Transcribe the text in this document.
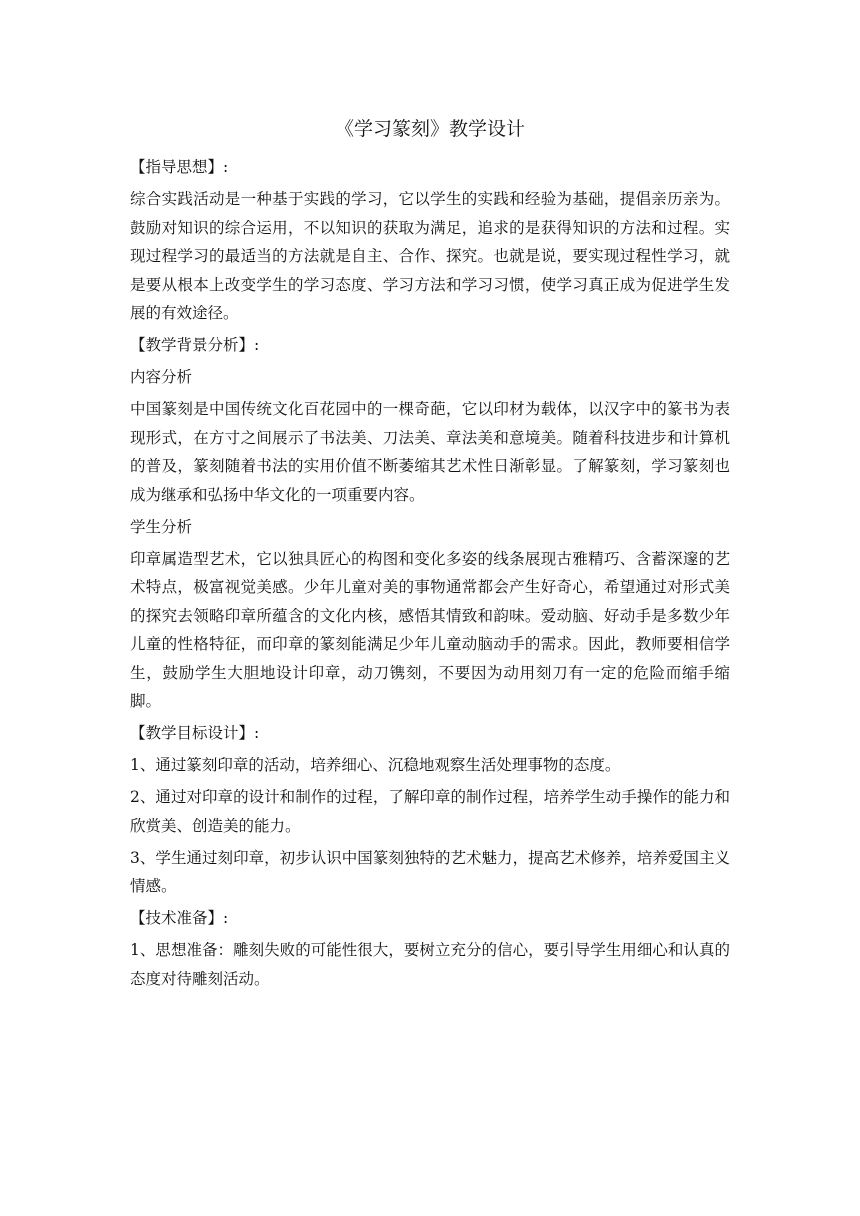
《学习篆刻》教学设计

【指导思想】:

综合实践活动是一种基于实践的学习，它以学生的实践和经验为基础，提倡亲历亲为。鼓励对知识的综合运用，不以知识的获取为满足，追求的是获得知识的方法和过程。实现过程学习的最适当的方法就是自主、合作、探究。也就是说，要实现过程性学习，就是要从根本上改变学生的学习态度、学习方法和学习习惯，使学习真正成为促进学生发展的有效途径。

【教学背景分析】:

内容分析

中国篆刻是中国传统文化百花园中的一棵奇葩，它以印材为载体，以汉字中的篆书为表现形式，在方寸之间展示了书法美、刀法美、章法美和意境美。随着科技进步和计算机的普及，篆刻随着书法的实用价值不断萎缩其艺术性日渐彰显。了解篆刻，学习篆刻也成为继承和弘扬中华文化的一项重要内容。

学生分析

印章属造型艺术，它以独具匠心的构图和变化多姿的线条展现古雅精巧、含蓄深邃的艺术特点，极富视觉美感。少年儿童对美的事物通常都会产生好奇心，希望通过对形式美的探究去领略印章所蕴含的文化内核，感悟其情致和韵味。爱动脑、好动手是多数少年儿童的性格特征，而印章的篆刻能满足少年儿童动脑动手的需求。因此，教师要相信学生，鼓励学生大胆地设计印章，动刀镌刻，不要因为动用刻刀有一定的危险而缩手缩脚。

【教学目标设计】:

1、通过篆刻印章的活动，培养细心、沉稳地观察生活处理事物的态度。

2、通过对印章的设计和制作的过程，了解印章的制作过程，培养学生动手操作的能力和欣赏美、创造美的能力。

3、学生通过刻印章，初步认识中国篆刻独特的艺术魅力，提高艺术修养，培养爱国主义情感。

【技术准备】:

1、思想准备：雕刻失败的可能性很大，要树立充分的信心，要引导学生用细心和认真的态度对待雕刻活动。
